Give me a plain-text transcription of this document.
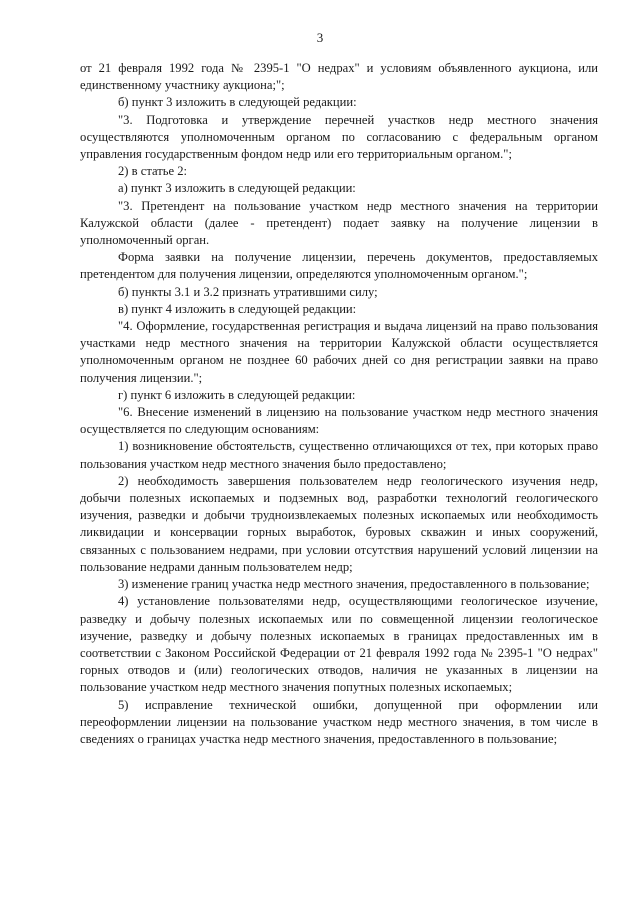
3

от 21 февраля 1992 года № 2395-1 "О недрах" и условиям объявленного аукциона, или единственному участнику аукциона;";

б) пункт 3 изложить в следующей редакции:

"3. Подготовка и утверждение перечней участков недр местного значения осуществляются уполномоченным органом по согласованию с федеральным органом управления государственным фондом недр или его территориальным органом.";

2) в статье 2:

а) пункт 3 изложить в следующей редакции:

"3. Претендент на пользование участком недр местного значения на территории Калужской области (далее - претендент) подает заявку на получение лицензии в уполномоченный орган.

Форма заявки на получение лицензии, перечень документов, предоставляемых претендентом для получения лицензии, определяются уполномоченным органом.";

б) пункты 3.1 и 3.2 признать утратившими силу;

в) пункт 4 изложить в следующей редакции:

"4. Оформление, государственная регистрация и выдача лицензий на право пользования участками недр местного значения на территории Калужской области осуществляется уполномоченным органом не позднее 60 рабочих дней со дня регистрации заявки на право получения лицензии.";

г) пункт 6 изложить в следующей редакции:

"6. Внесение изменений в лицензию на пользование участком недр местного значения осуществляется по следующим основаниям:

1) возникновение обстоятельств, существенно отличающихся от тех, при которых право пользования участком недр местного значения было предоставлено;

2) необходимость завершения пользователем недр геологического изучения недр, добычи полезных ископаемых и подземных вод, разработки технологий геологического изучения, разведки и добычи трудноизвлекаемых полезных ископаемых или необходимость ликвидации и консервации горных выработок, буровых скважин и иных сооружений, связанных с пользованием недрами, при условии отсутствия нарушений условий лицензии на пользование недрами данным пользователем недр;

3) изменение границ участка недр местного значения, предоставленного в пользование;

4) установление пользователями недр, осуществляющими геологическое изучение, разведку и добычу полезных ископаемых или по совмещенной лицензии геологическое изучение, разведку и добычу полезных ископаемых в границах предоставленных им в соответствии с Законом Российской Федерации от 21 февраля 1992 года № 2395-1 "О недрах" горных отводов и (или) геологических отводов, наличия не указанных в лицензии на пользование участком недр местного значения попутных полезных ископаемых;

5) исправление технической ошибки, допущенной при оформлении или переоформлении лицензии на пользование участком недр местного значения, в том числе в сведениях о границах участка недр местного значения, предоставленного в пользование;
